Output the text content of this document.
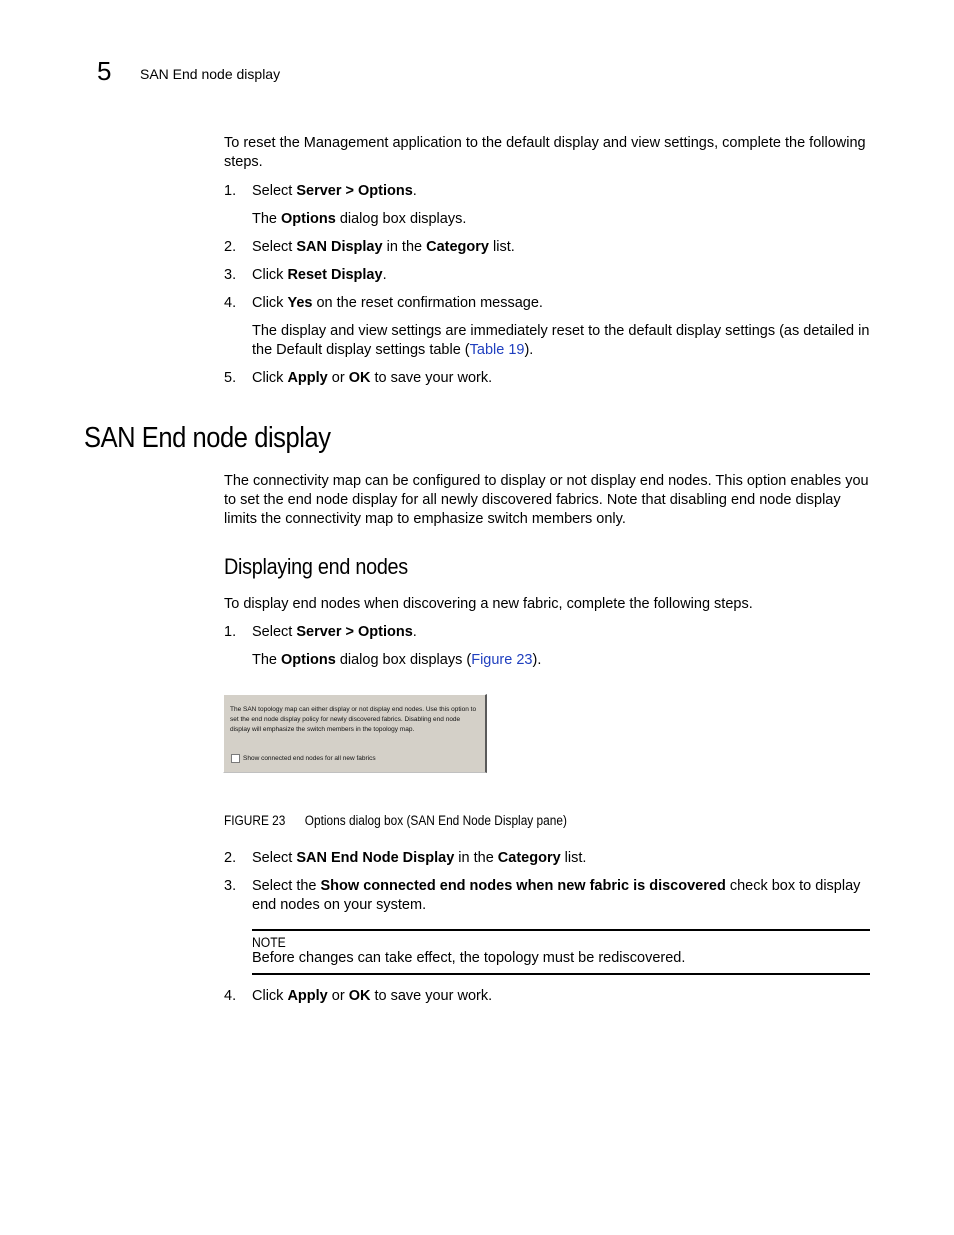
5 SAN End node display
To reset the Management application to the default display and view settings, complete the following steps.
1.	Select Server > Options.
The Options dialog box displays.
2.	Select SAN Display in the Category list.
3.	Click Reset Display.
4.	Click Yes on the reset confirmation message.
The display and view settings are immediately reset to the default display settings (as detailed in the Default display settings table (Table 19).
5.	Click Apply or OK to save your work.
SAN End node display
The connectivity map can be configured to display or not display end nodes. This option enables you to set the end node display for all newly discovered fabrics. Note that disabling end node display limits the connectivity map to emphasize switch members only.
Displaying end nodes
To display end nodes when discovering a new fabric, complete the following steps.
1.	Select Server > Options.
The Options dialog box displays (Figure 23).
The SAN topology map can either display or not display end nodes. Use this option to set the end node display policy for newly discovered fabrics. Disabling end node display will emphasize the switch members in the topology map.
Show connected end nodes for all new fabrics
FIGURE 23 Options dialog box (SAN End Node Display pane)
2.	Select SAN End Node Display in the Category list.
3.	Select the Show connected end nodes when new fabric is discovered check box to display end nodes on your system.
NOTE
Before changes can take effect, the topology must be rediscovered.
4.	Click Apply or OK to save your work.
